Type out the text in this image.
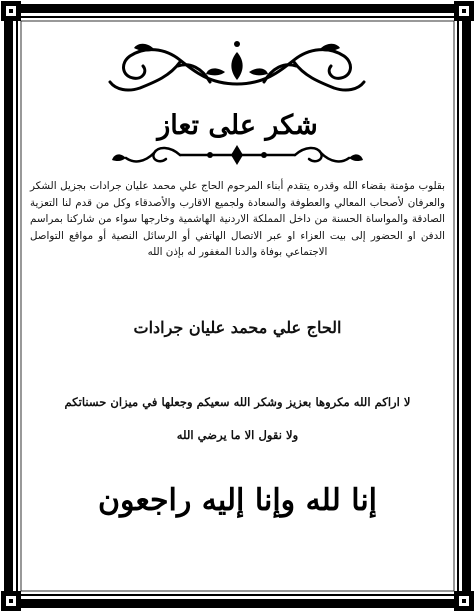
شكر على تعاز
بقلوب مؤمنة بقضاء الله وقدره يتقدم أبناء المرحوم الحاج علي محمد عليان جرادات بجزيل الشكر والعرفان لأصحاب المعالي والعطوفة والسعادة ولجميع الاقارب والأصدقاء وكل من قدم لنا التعزية الصادقة والمواساة الحسنة من داخل المملكة الاردنية الهاشمية وخارجها سواء من شاركنا بمراسم الدفن او الحضور إلى بيت العزاء او عبر الاتصال الهاتفي أو الرسائل النصية أو مواقع التواصل الاجتماعي بوفاة والدنا المغفور له بإذن الله
الحاج علي محمد عليان جرادات
لا اراكم الله مكروها بعزيز وشكر الله سعيكم وجعلها في ميزان حسناتكم
ولا نقول الا ما يرضي الله
إنا لله وإنا إليه راجعون
